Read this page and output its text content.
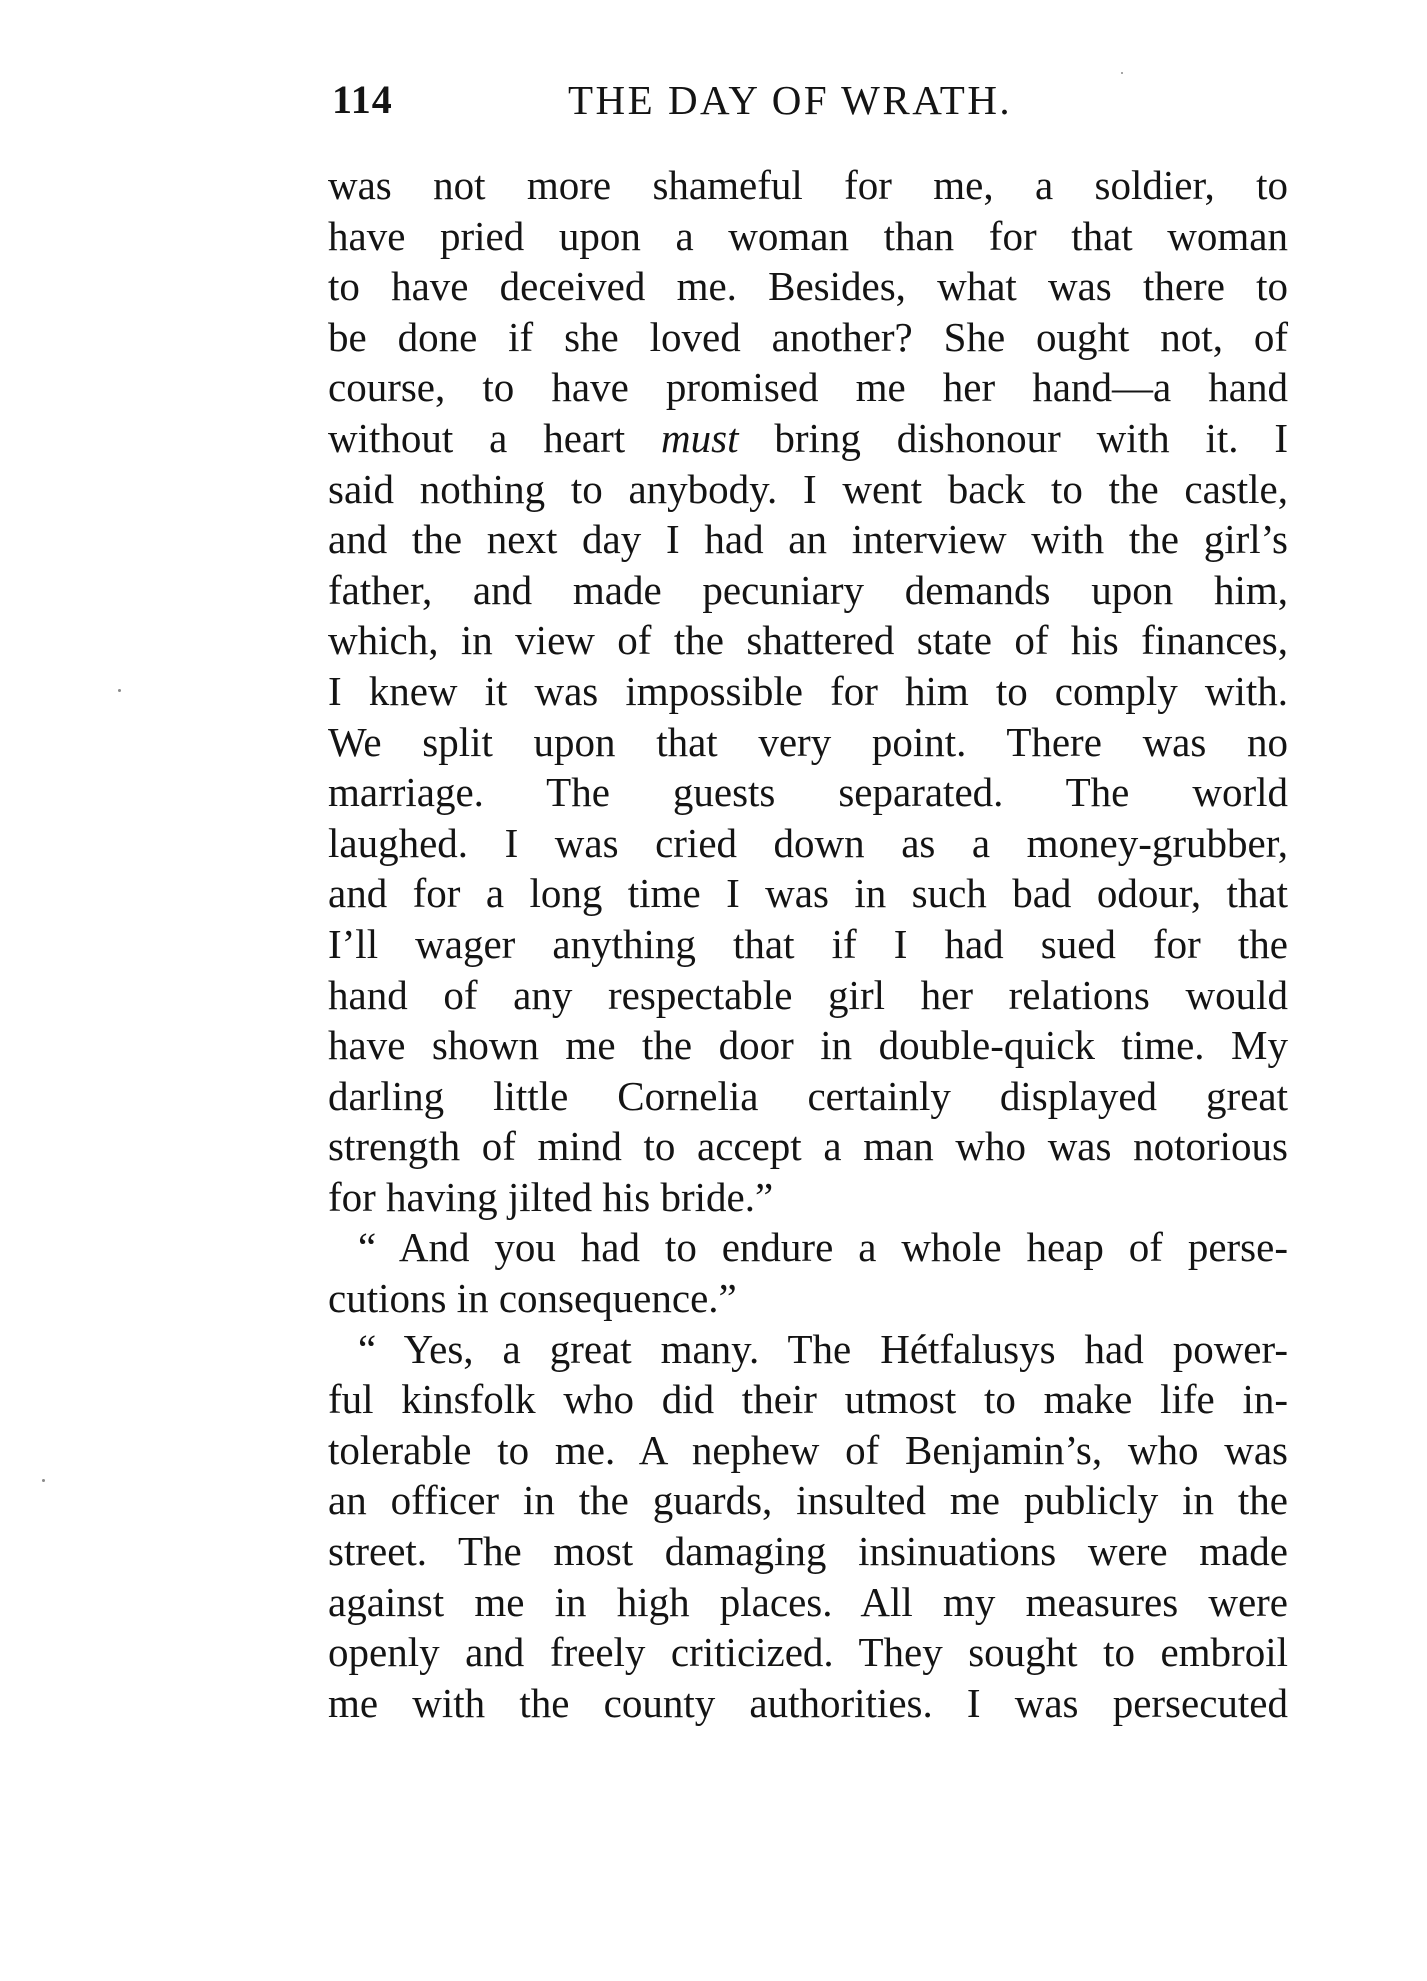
114	THE DAY OF WRATH.
was not more shameful for me, a soldier, to
have pried upon a woman than for that woman
to have deceived me. Besides, what was there to
be done if she loved another? She ought not, of
course, to have promised me her hand—a hand
without a heart must bring dishonour with it. I
said nothing to anybody. I went back to the castle,
and the next day I had an interview with the girl’s
father, and made pecuniary demands upon him,
which, in view of the shattered state of his finances,
I knew it was impossible for him to comply with.
We split upon that very point. There was no
marriage. The guests separated. The world
laughed. I was cried down as a money-grubber,
and for a long time I was in such bad odour, that
I’ll wager anything that if I had sued for the
hand of any respectable girl her relations would
have shown me the door in double-quick time. My
darling little Cornelia certainly displayed great
strength of mind to accept a man who was notorious
for having jilted his bride.”
“ And you had to endure a whole heap of perse-
cutions in consequence.”
“ Yes, a great many. The Hétfalusys had power-
ful kinsfolk who did their utmost to make life in-
tolerable to me. A nephew of Benjamin’s, who was
an officer in the guards, insulted me publicly in the
street. The most damaging insinuations were made
against me in high places. All my measures were
openly and freely criticized. They sought to embroil
me with the county authorities. I was persecuted
